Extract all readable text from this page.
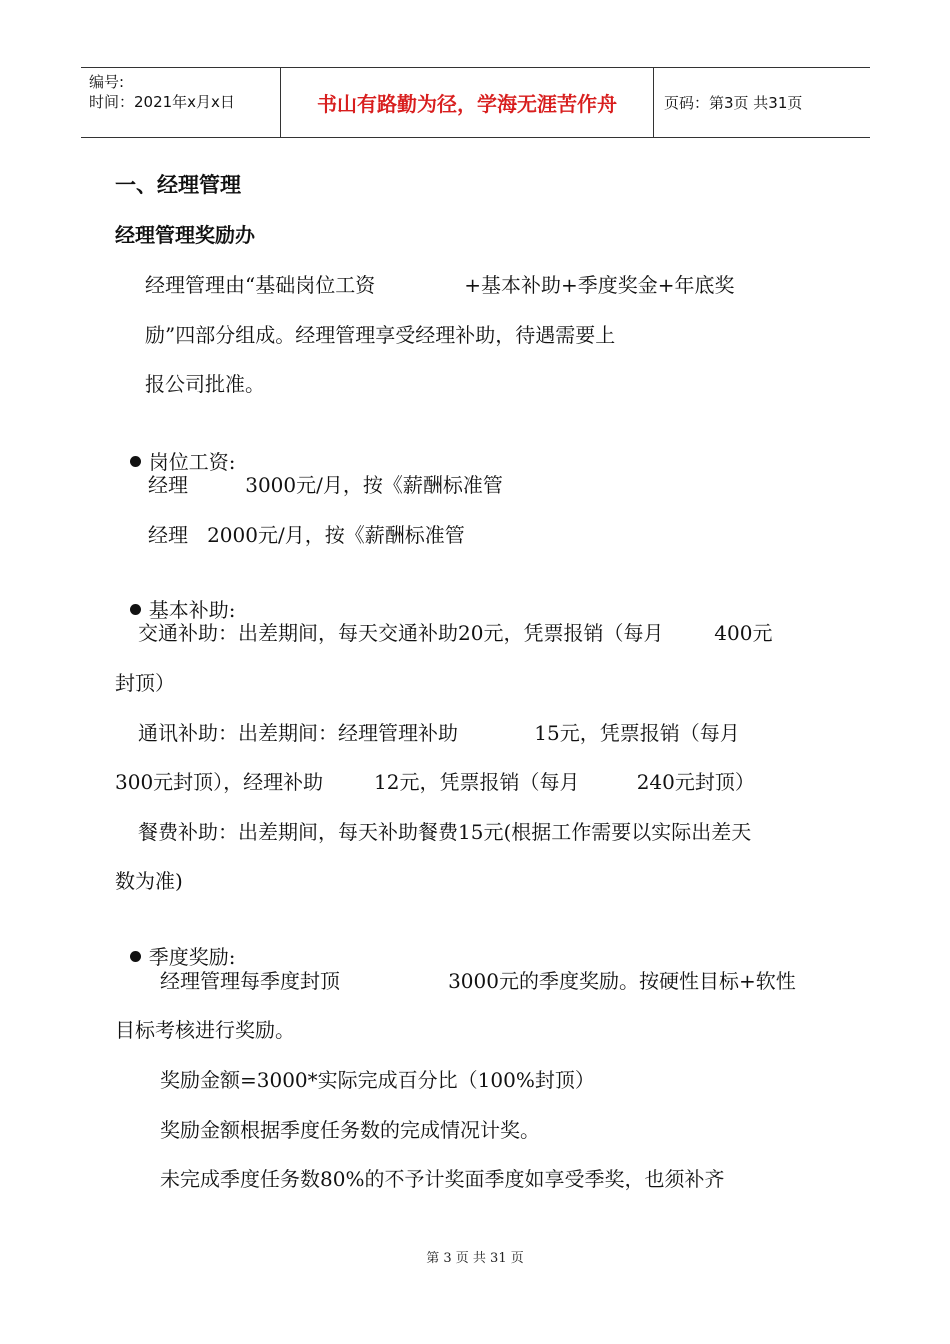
编号:
时间：2021年x月x日	书山有路勤为径，学海无涯苦作舟	页码：第3页 共31页
一、经理管理
经理管理奖励办
经理管理由“基础岗位工资              +基本补助+季度奖金+年底奖
励”四部分组成。经理管理享受经理补助，待遇需要上
报公司批准。

岗位工资:

经理         3000元/月，按《薪酬标准管
经理   2000元/月，按《薪酬标准管

基本补助:

交通补助：出差期间，每天交通补助20元，凭票报销（每月        400元
封顶）
通讯补助：出差期间：经理管理补助            15元，凭票报销（每月
300元封顶），经理补助        12元，凭票报销（每月         240元封顶）
餐费补助：出差期间，每天补助餐费15元(根据工作需要以实际出差天
数为准)

季度奖励:

经理管理每季度封顶                 3000元的季度奖励。按硬性目标+软性
目标考核进行奖励。
奖励金额=3000*实际完成百分比（100%封顶）
奖励金额根据季度任务数的完成情况计奖。
未完成季度任务数80%的不予计奖面季度如享受季奖，也须补齐
第 3 页 共 31 页
